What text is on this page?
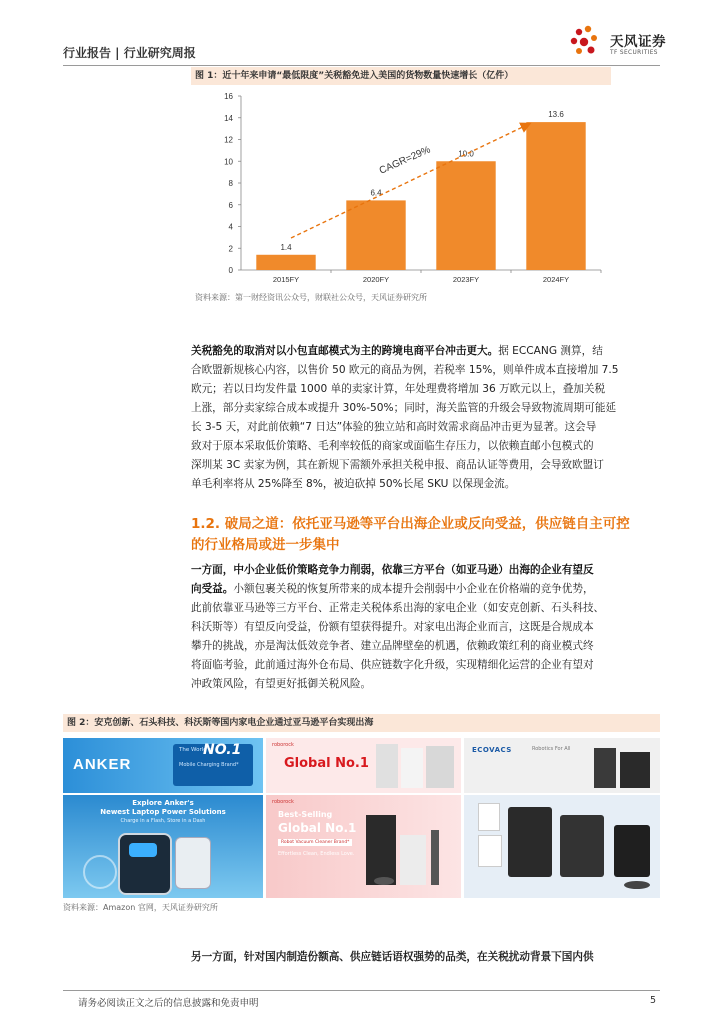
行业报告 | 行业研究周报
天风证券
TF SECURITIES
图 1：近十年来申请“最低限度”关税豁免进入美国的货物数量快速增长（亿件）
0
2
4
6
8
10
12
14
16
1.4
2015FY
6.4
2020FY
10.0
2023FY
13.6
2024FY
CAGR=29%
资料来源：第一财经资讯公众号，财联社公众号，天风证券研究所
关税豁免的取消对以小包直邮模式为主的跨境电商平台冲击更大。据 ECCANG 测算，结
合欧盟新规核心内容，以售价 50 欧元的商品为例，若税率 15%，则单件成本直接增加 7.5
欧元；若以日均发件量 1000 单的卖家计算，年处理费将增加 36 万欧元以上，叠加关税
上涨，部分卖家综合成本或提升 30%-50%；同时，海关监管的升级会导致物流周期可能延
长 3-5 天，对此前依赖“7 日达”体验的独立站和高时效需求商品冲击更为显著。这会导
致对于原本采取低价策略、毛利率较低的商家或面临生存压力，以依赖直邮小包模式的
深圳某 3C 卖家为例，其在新规下需额外承担关税申报、商品认证等费用，会导致欧盟订
单毛利率将从 25%降至 8%，被迫砍掉 50%长尾 SKU 以保现金流。
1.2. 破局之道：依托亚马逊等平台出海企业或反向受益，供应链自主可控
的行业格局或进一步集中
一方面，中小企业低价策略竞争力削弱，依靠三方平台（如亚马逊）出海的企业有望反
向受益。小额包裹关税的恢复所带来的成本提升会削弱中小企业在价格端的竞争优势，
此前依靠亚马逊等三方平台、正常走关税体系出海的家电企业（如安克创新、石头科技、
科沃斯等）有望反向受益，份额有望获得提升。对家电出海企业而言，这既是合规成本
攀升的挑战，亦是淘汰低效竞争者、建立品牌壁垒的机遇，依赖政策红利的商业模式终
将面临考验，此前通过海外仓布局、供应链数字化升级，实现精细化运营的企业有望对
冲政策风险，有望更好抵御关税风险。
图 2：安克创新、石头科技、科沃斯等国内家电企业通过亚马逊平台实现出海
ANKER
The World's
NO.1
Mobile Charging Brand*
Explore Anker's
Newest Laptop Power Solutions
Charge in a Flash, Store in a Dash
roborock
Global No.1
roborock
Best-Selling
Global No.1
Robot Vacuum Cleaner Brand*
Effortless Clean, Endless Love.
ECOVACS	Robotics For All
资料来源：Amazon 官网，天风证券研究所
另一方面，针对国内制造份额高、供应链话语权强势的品类，在关税扰动背景下国内供
请务必阅读正文之后的信息披露和免责申明	5
